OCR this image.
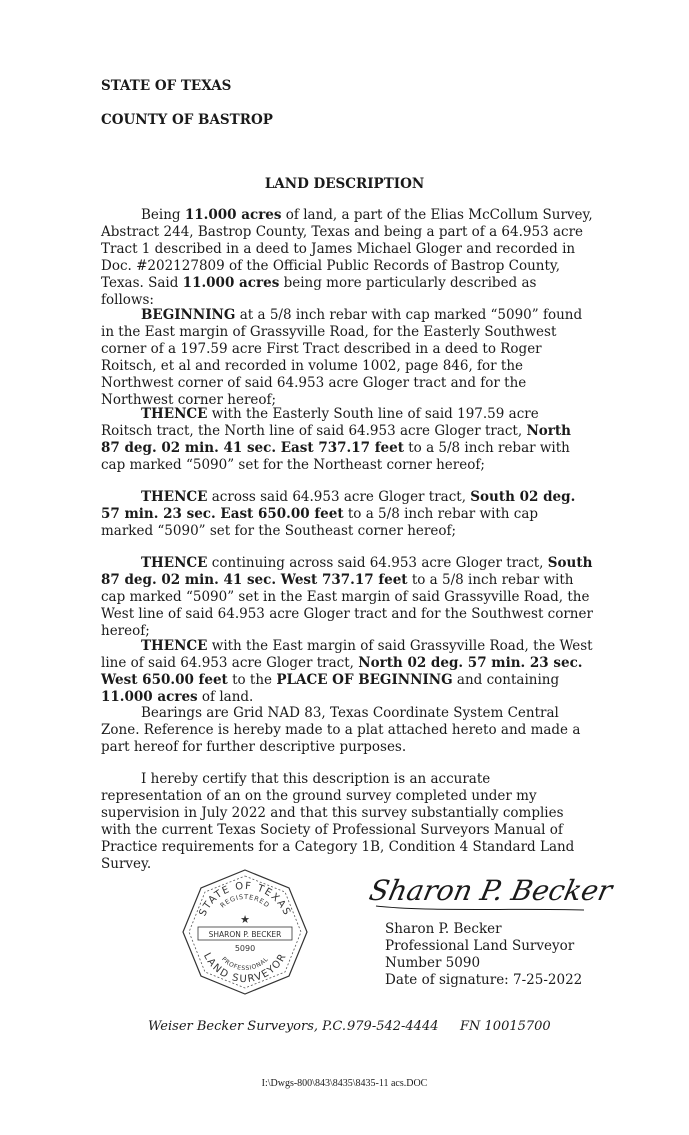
STATE OF TEXAS
COUNTY OF BASTROP
LAND DESCRIPTION

Being 11.000 acres of land, a part of the Elias McCollum Survey, Abstract 244, Bastrop County, Texas and being a part of a 64.953 acre Tract 1 described in a deed to James Michael Gloger and recorded in Doc. #202127809 of the Official Public Records of Bastrop County, Texas. Said 11.000 acres being more particularly described as follows:

BEGINNING at a 5/8 inch rebar with cap marked “5090” found in the East margin of Grassyville Road, for the Easterly Southwest corner of a 197.59 acre First Tract described in a deed to Roger Roitsch, et al and recorded in volume 1002, page 846, for the Northwest corner of said 64.953 acre Gloger tract and for the Northwest corner hereof;

THENCE with the Easterly South line of said 197.59 acre Roitsch tract, the North line of said 64.953 acre Gloger tract, North 87 deg. 02 min. 41 sec. East 737.17 feet to a 5/8 inch rebar with cap marked “5090” set for the Northeast corner hereof;

THENCE across said 64.953 acre Gloger tract, South 02 deg. 57 min. 23 sec. East 650.00 feet to a 5/8 inch rebar with cap marked “5090” set for the Southeast corner hereof;

THENCE continuing across said 64.953 acre Gloger tract, South 87 deg. 02 min. 41 sec. West 737.17 feet to a 5/8 inch rebar with cap marked “5090” set in the East margin of said Grassyville Road, the West line of said 64.953 acre Gloger tract and for the Southwest corner hereof;

THENCE with the East margin of said Grassyville Road, the West line of said 64.953 acre Gloger tract, North 02 deg. 57 min. 23 sec. West 650.00 feet to the PLACE OF BEGINNING and containing 11.000 acres of land.

Bearings are Grid NAD 83, Texas Coordinate System Central Zone. Reference is hereby made to a plat attached hereto and made a part hereof for further descriptive purposes.

I hereby certify that this description is an accurate representation of an on the ground survey completed under my supervision in July 2022 and that this survey substantially complies with the current Texas Society of Professional Surveyors Manual of Practice requirements for a Category 1B, Condition 4 Standard Land Survey.

STATE OF TEXAS
REGISTERED
★
SHARON P. BECKER
5090
PROFESSIONAL
LAND SURVEYOR
Sharon P. Becker
Sharon P. Becker
Professional Land Surveyor
Number 5090
Date of signature: 7-25-2022
Weiser Becker Surveyors, P.C. 979-542-4444 FN 10015700
I:\Dwgs-800\843\8435\8435-11 acs.DOC
